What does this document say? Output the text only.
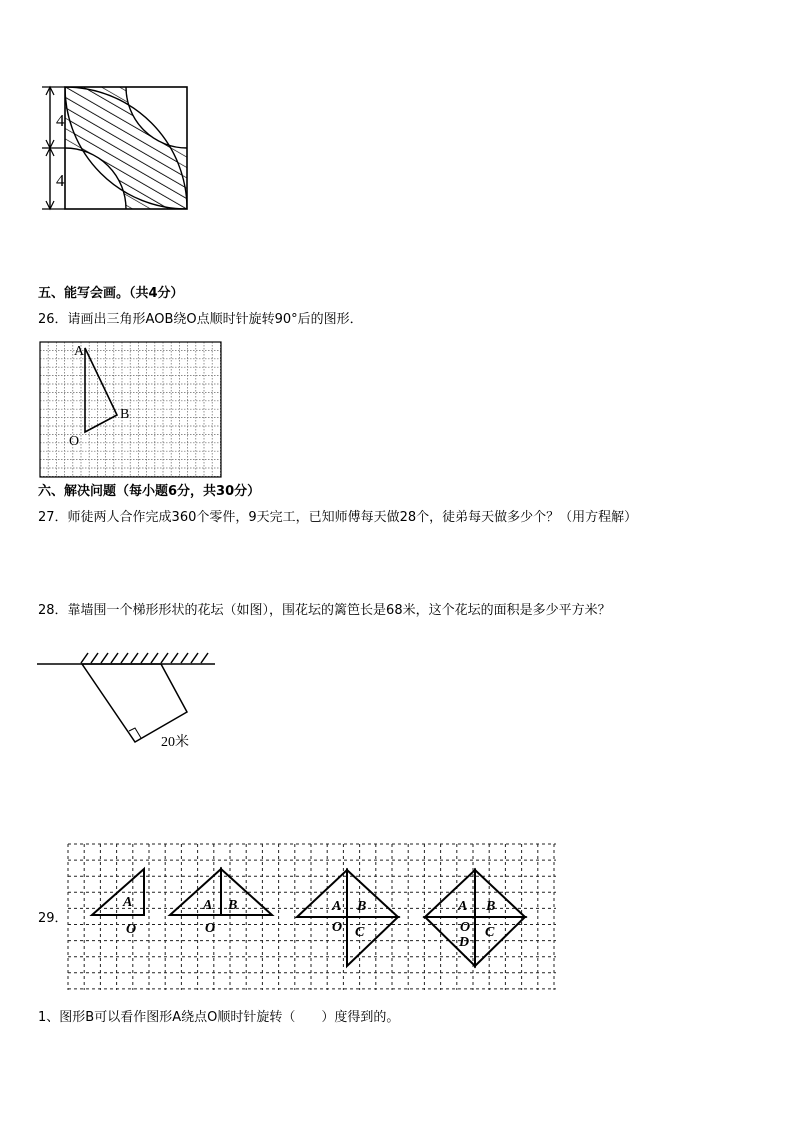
4
4
五、能写会画。（共4分）
26．请画出三角形AOB绕O点顺时针旋转90°后的图形．
A
B
O
六、解决问题（每小题6分，共30分）
27．师徒两人合作完成360个零件，9天完工，已知师傅每天做28个，徒弟每天做多少个？（用方程解）
28．靠墙围一个梯形形状的花坛（如图），围花坛的篱笆长是68米，这个花坛的面积是多少平方米？
20米
29．
A
O
A B
O
A B
O C
A B
O C
D
1、图形B可以看作图形A绕点O顺时针旋转（　　）度得到的。
